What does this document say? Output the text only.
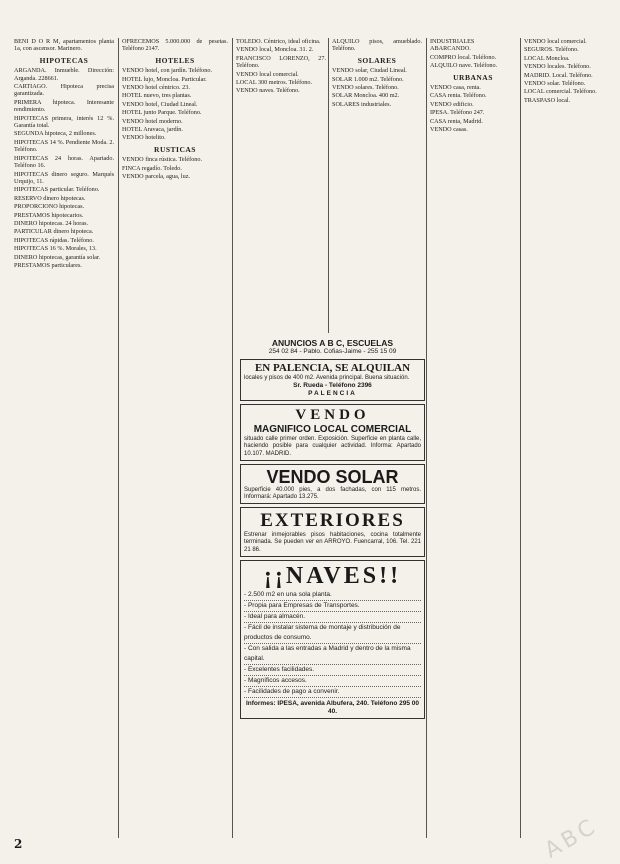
BENI D O R M, apartamentos planta 1a, con ascensor. Marinero.

HIPOTECAS

ARGANDA. Inmueble. Dirección: Arganda. 228661.

CARTIAGO. Hipoteca precisa garantizada.

PRIMERA hipoteca. Interesante rendimiento.

HIPOTECAS primera, interés 12 %. Garantía total.

SEGUNDA hipoteca, 2 millones.

HIPOTECAS 14 %. Pendiente Moda. 2. Teléfono.

HIPOTECAS 24 horas. Apartado. Teléfono 16.

HIPOTECAS dinero seguro. Marqués Urquijo, 11.

HIPOTECAS particular. Teléfono.

RESERVO dinero hipotecas.

PROPORCIONO hipotecas.

PRESTAMOS hipotecarios.

DINERO hipotecas. 24 horas.

PARTICULAR dinero hipoteca.

HIPOTECAS rápidas. Teléfono.

HIPOTECAS 16 %. Morales, 13.

DINERO hipotecas, garantía solar.

PRESTAMOS particulares.

OFRECEMOS 5.000.000 de pesetas. Teléfono 2147.

HOTELES

VENDO hotel, con jardín. Teléfono.

HOTEL lujo, Moncloa. Particular.

VENDO hotel céntrico. 23.

HOTEL nuevo, tres plantas.

VENDO hotel, Ciudad Lineal.

HOTEL junto Parque. Teléfono.

VENDO hotel moderno.

HOTEL Aravaca, jardín.

VENDO hotelito.

RUSTICAS

VENDO finca rústica. Teléfono.

FINCA regadío. Toledo.

VENDO parcela, agua, luz.

TOLEDO. Céntrico, ideal oficina.

VENDO local, Moncloa. 31. 2.

FRANCISCO LORENZO, 27. Teléfono.

VENDO local comercial.

LOCAL 300 metros. Teléfono.

VENDO naves. Teléfono.

ALQUILO pisos, amueblado. Teléfono.

SOLARES

VENDO solar, Ciudad Lineal.

SOLAR 1.000 m2. Teléfono.

VENDO solares. Teléfono.

SOLAR Moncloa. 400 m2.

SOLARES industriales.

INDUSTRIALES ABARCANDO.

COMPRO local. Teléfono.

ALQUILO nave. Teléfono.

URBANAS

VENDO casa, renta.

CASA renta. Teléfono.

VENDO edificio.

IPESA. Teléfono 247.

CASA renta, Madrid.

VENDO casas.

VENDO local comercial.

SEGUROS. Teléfono.

LOCAL Moncloa.

VENDO locales. Teléfono.

MADRID. Local. Teléfono.

VENDO solar. Teléfono.

LOCAL comercial. Teléfono.

TRASPASO local.

ANUNCIOS A B C, ESCUELAS
254 02 84 - Pablo. Cofias-Jaime - 255 15 09
EN PALENCIA, SE ALQUILAN
locales y pisos de 400 m2. Avenida principal. Buena situación.
Sr. Rueda - Teléfono 2396
PALENCIA
VENDO
MAGNIFICO LOCAL COMERCIAL
situado calle primer orden. Exposición. Superficie en planta calle, haciendo posible para cualquier actividad. Informa: Apartado 10.107. MADRID.
VENDO SOLAR
Superficie 40.000 pies, a dos fachadas, con 115 metros. Informará: Apartado 13.275.
EXTERIORES
Estrenar inmejorables pisos habitaciones, cocina totalmente terminada. Se pueden ver en ARROYO. Fuencarral, 106. Tel. 221 21 86.
¡¡NAVES!!
- 2.500 m2 en una sola planta.
- Propia para Empresas de Transportes.
- Ideal para almacén.
- Fácil de instalar sistema de montaje y distribución de productos de consumo.
- Con salida a las entradas a Madrid y dentro de la misma capital.
- Excelentes facilidades.
- Magníficos accesos.
- Facilidades de pago a convenir.
Informes: IPESA, avenida Albufera, 240. Teléfono 295 00 40.
2	ABC
